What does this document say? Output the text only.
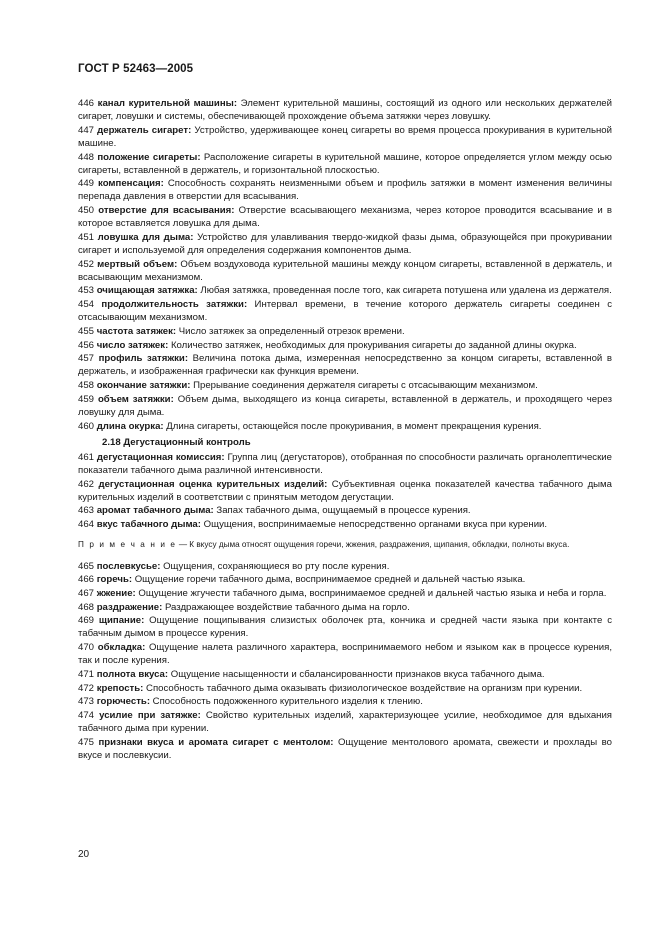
ГОСТ Р 52463—2005
446 канал курительной машины: Элемент курительной машины, состоящий из одного или нескольких держателей сигарет, ловушки и системы, обеспечивающей прохождение объема затяжки через ловушку.
447 держатель сигарет: Устройство, удерживающее конец сигареты во время процесса прокуривания в курительной машине.
448 положение сигареты: Расположение сигареты в курительной машине, которое определяется углом между осью сигареты, вставленной в держатель, и горизонтальной плоскостью.
449 компенсация: Способность сохранять неизменными объем и профиль затяжки в момент изменения величины перепада давления в отверстии для всасывания.
450 отверстие для всасывания: Отверстие всасывающего механизма, через которое проводится всасывание и в которое вставляется ловушка для дыма.
451 ловушка для дыма: Устройство для улавливания твердо-жидкой фазы дыма, образующейся при прокуривании сигарет и используемой для определения содержания компонентов дыма.
452 мертвый объем: Объем воздуховода курительной машины между концом сигареты, вставленной в держатель, и всасывающим механизмом.
453 очищающая затяжка: Любая затяжка, проведенная после того, как сигарета потушена или удалена из держателя.
454 продолжительность затяжки: Интервал времени, в течение которого держатель сигареты соединен с отсасывающим механизмом.
455 частота затяжек: Число затяжек за определенный отрезок времени.
456 число затяжек: Количество затяжек, необходимых для прокуривания сигареты до заданной длины окурка.
457 профиль затяжки: Величина потока дыма, измеренная непосредственно за концом сигареты, вставленной в держатель, и изображенная графически как функция времени.
458 окончание затяжки: Прерывание соединения держателя сигареты с отсасывающим механизмом.
459 объем затяжки: Объем дыма, выходящего из конца сигареты, вставленной в держатель, и проходящего через ловушку для дыма.
460 длина окурка: Длина сигареты, остающейся после прокуривания, в момент прекращения курения.
2.18 Дегустационный контроль
461 дегустационная комиссия: Группа лиц (дегустаторов), отобранная по способности различать органолептические показатели табачного дыма различной интенсивности.
462 дегустационная оценка курительных изделий: Субъективная оценка показателей качества табачного дыма курительных изделий в соответствии с принятым методом дегустации.
463 аромат табачного дыма: Запах табачного дыма, ощущаемый в процессе курения.
464 вкус табачного дыма: Ощущения, воспринимаемые непосредственно органами вкуса при курении.
П р и м е ч а н и е — К вкусу дыма относят ощущения горечи, жжения, раздражения, щипания, обкладки, полноты вкуса.
465 послевкусье: Ощущения, сохраняющиеся во рту после курения.
466 горечь: Ощущение горечи табачного дыма, воспринимаемое средней и дальней частью языка.
467 жжение: Ощущение жгучести табачного дыма, воспринимаемое средней и дальней частью языка и неба и горла.
468 раздражение: Раздражающее воздействие табачного дыма на горло.
469 щипание: Ощущение пощипывания слизистых оболочек рта, кончика и средней части языка при контакте с табачным дымом в процессе курения.
470 обкладка: Ощущение налета различного характера, воспринимаемого небом и языком как в процессе курения, так и после курения.
471 полнота вкуса: Ощущение насыщенности и сбалансированности признаков вкуса табачного дыма.
472 крепость: Способность табачного дыма оказывать физиологическое воздействие на организм при курении.
473 горючесть: Способность подожженного курительного изделия к тлению.
474 усилие при затяжке: Свойство курительных изделий, характеризующее усилие, необходимое для вдыхания табачного дыма при курении.
475 признаки вкуса и аромата сигарет с ментолом: Ощущение ментолового аромата, свежести и прохлады во вкусе и послевкусии.
20
